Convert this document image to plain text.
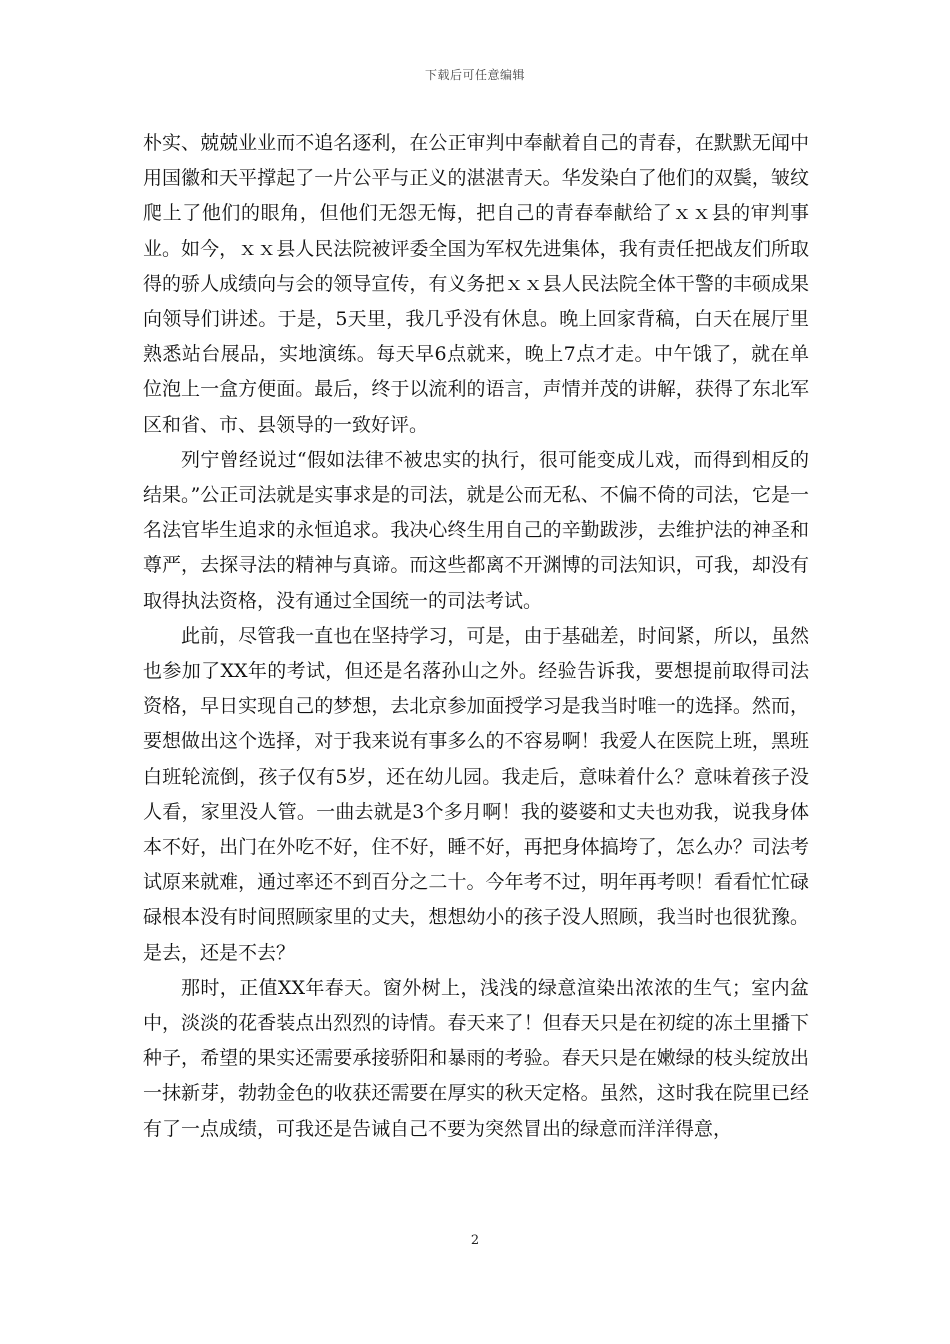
下载后可任意编辑

朴实、兢兢业业而不追名逐利，在公正审判中奉献着自己的青春，在默默无闻中用国徽和天平撑起了一片公平与正义的湛湛青天。华发染白了他们的双鬓，皱纹爬上了他们的眼角，但他们无怨无悔，把自己的青春奉献给了ｘｘ县的审判事业。如今，ｘｘ县人民法院被评委全国为军权先进集体，我有责任把战友们所取得的骄人成绩向与会的领导宣传，有义务把ｘｘ县人民法院全体干警的丰硕成果向领导们讲述。于是，5天里，我几乎没有休息。晚上回家背稿，白天在展厅里熟悉站台展品，实地演练。每天早6点就来，晚上7点才走。中午饿了，就在单位泡上一盒方便面。最后，终于以流利的语言，声情并茂的讲解，获得了东北军区和省、市、县领导的一致好评。

列宁曾经说过“假如法律不被忠实的执行，很可能变成儿戏，而得到相反的结果。”公正司法就是实事求是的司法，就是公而无私、不偏不倚的司法，它是一名法官毕生追求的永恒追求。我决心终生用自己的辛勤跋涉，去维护法的神圣和尊严，去探寻法的精神与真谛。而这些都离不开渊博的司法知识，可我，却没有取得执法资格，没有通过全国统一的司法考试。

此前，尽管我一直也在坚持学习，可是，由于基础差，时间紧，所以，虽然也参加了XX年的考试，但还是名落孙山之外。经验告诉我，要想提前取得司法资格，早日实现自己的梦想，去北京参加面授学习是我当时唯一的选择。然而，要想做出这个选择，对于我来说有事多么的不容易啊！我爱人在医院上班，黑班白班轮流倒，孩子仅有5岁，还在幼儿园。我走后，意味着什么？意味着孩子没人看，家里没人管。一曲去就是3个多月啊！我的婆婆和丈夫也劝我，说我身体本不好，出门在外吃不好，住不好，睡不好，再把身体搞垮了，怎么办？司法考试原来就难，通过率还不到百分之二十。今年考不过，明年再考呗！看看忙忙碌碌根本没有时间照顾家里的丈夫，想想幼小的孩子没人照顾，我当时也很犹豫。是去，还是不去？

那时，正值XX年春天。窗外树上，浅浅的绿意渲染出浓浓的生气；室内盆中，淡淡的花香装点出烈烈的诗情。春天来了！但春天只是在初绽的冻土里播下种子，希望的果实还需要承接骄阳和暴雨的考验。春天只是在嫩绿的枝头绽放出一抹新芽，勃勃金色的收获还需要在厚实的秋天定格。虽然，这时我在院里已经有了一点成绩，可我还是告诫自己不要为突然冒出的绿意而洋洋得意，

2
